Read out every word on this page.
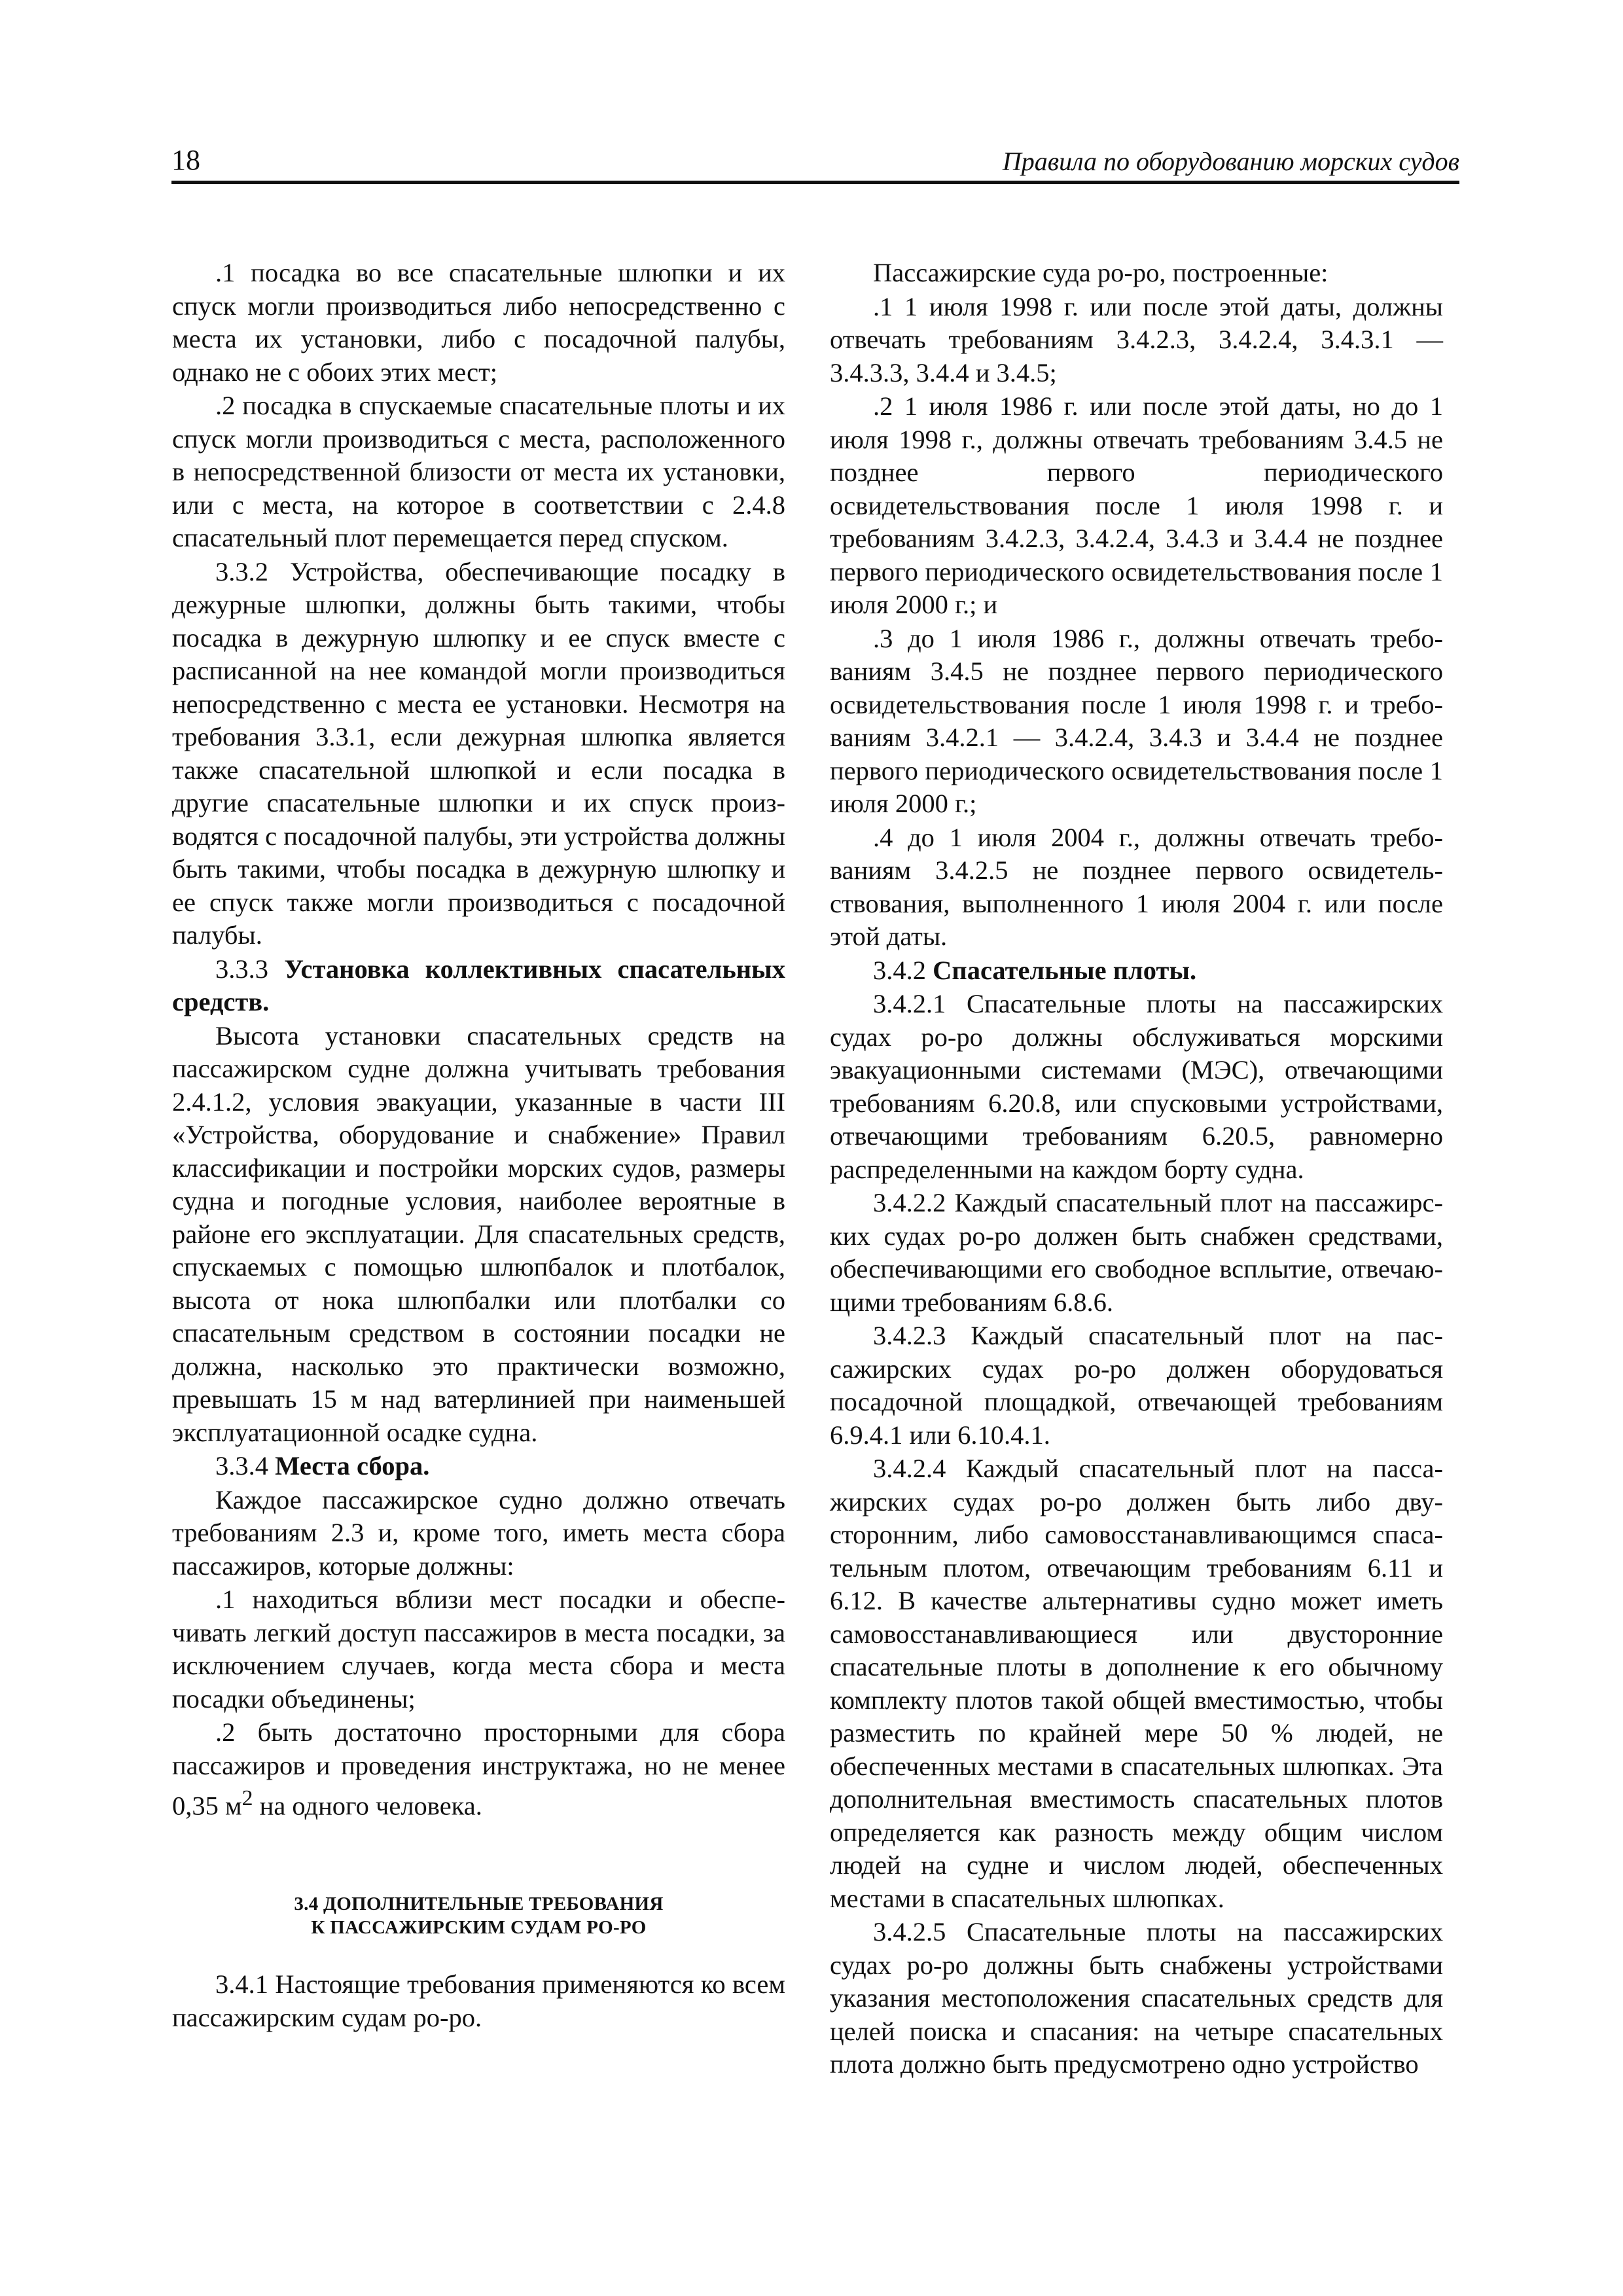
18	Правила по оборудованию морских судов

.1 посадка во все спасательные шлюпки и их спуск могли производиться либо непосредственно с места их установки, либо с посадочной палубы, однако не с обоих этих мест;

.2 посадка в спускаемые спасательные плоты и их спуск могли производиться с места, расположенного в непосредственной близости от места их установки, или с места, на которое в соответствии с 2.4.8 спасательный плот перемещается перед спуском.

3.3.2 Устройства, обеспечивающие посадку в дежурные шлюпки, должны быть такими, чтобы посадка в дежурную шлюпку и ее спуск вместе с расписанной на нее командой могли производиться непосредственно с места ее установки. Несмотря на требования 3.3.1, если дежурная шлюпка является также спасательной шлюпкой и если посадка в другие спасательные шлюпки и их спуск производятся с посадочной палубы, эти устройства должны быть такими, чтобы посадка в дежурную шлюпку и ее спуск также могли производиться с посадочной палубы.

3.3.3 Установка коллективных спасательных средств.

Высота установки спасательных средств на пассажирском судне должна учитывать требования 2.4.1.2, условия эвакуации, указанные в части III «Устройства, оборудование и снабжение» Правил классификации и постройки морских судов, размеры судна и погодные условия, наиболее вероятные в районе его эксплуатации. Для спасательных средств, спускаемых с помощью шлюпбалок и плотбалок, высота от нока шлюпбалки или плотбалки со спасательным средством в состоянии посадки не должна, насколько это практически возможно, превышать 15 м над ватерлинией при наименьшей эксплуатационной осадке судна.

3.3.4 Места сбора.

Каждое пассажирское судно должно отвечать требованиям 2.3 и, кроме того, иметь места сбора пассажиров, которые должны:

.1 находиться вблизи мест посадки и обеспечивать легкий доступ пассажиров в места посадки, за исключением случаев, когда места сбора и места посадки объединены;

.2 быть достаточно просторными для сбора пассажиров и проведения инструктажа, но не менее 0,35 $м^2$ на одного человека.

3.4 ДОПОЛНИТЕЛЬНЫЕ ТРЕБОВАНИЯ
К ПАССАЖИРСКИМ СУДАМ РО-РО

3.4.1 Настоящие требования применяются ко всем пассажирским судам ро-ро.

Пассажирские суда ро-ро, построенные:

.1 1 июля 1998 г. или после этой даты, должны отвечать требованиям 3.4.2.3, 3.4.2.4, 3.4.3.1 — 3.4.3.3, 3.4.4 и 3.4.5;

.2 1 июля 1986 г. или после этой даты, но до 1 июля 1998 г., должны отвечать требованиям 3.4.5 не позднее первого периодического освидетельствования после 1 июля 1998 г. и требованиям 3.4.2.3, 3.4.2.4, 3.4.3 и 3.4.4 не позднее первого периодического освидетельствования после 1 июля 2000 г.; и

.3 до 1 июля 1986 г., должны отвечать требованиям 3.4.5 не позднее первого периодического освидетельствования после 1 июля 1998 г. и требованиям 3.4.2.1 — 3.4.2.4, 3.4.3 и 3.4.4 не позднее первого периодического освидетельствования после 1 июля 2000 г.;

.4 до 1 июля 2004 г., должны отвечать требованиям 3.4.2.5 не позднее первого освидетельствования, выполненного 1 июля 2004 г. или после этой даты.

3.4.2 Спасательные плоты.

3.4.2.1 Спасательные плоты на пассажирских судах ро-ро должны обслуживаться морскими эвакуационными системами (МЭС), отвечающими требованиям 6.20.8, или спусковыми устройствами, отвечающими требованиям 6.20.5, равномерно распределенными на каждом борту судна.

3.4.2.2 Каждый спасательный плот на пассажирских судах ро-ро должен быть снабжен средствами, обеспечивающими его свободное всплытие, отвечающими требованиям 6.8.6.

3.4.2.3 Каждый спасательный плот на пассажирских судах ро-ро должен оборудоваться посадочной площадкой, отвечающей требованиям 6.9.4.1 или 6.10.4.1.

3.4.2.4 Каждый спасательный плот на пассажирских судах ро-ро должен быть либо двусторонним, либо самовосстанавливающимся спасательным плотом, отвечающим требованиям 6.11 и 6.12. В качестве альтернативы судно может иметь самовосстанавливающиеся или двусторонние спасательные плоты в дополнение к его обычному комплекту плотов такой общей вместимостью, чтобы разместить по крайней мере 50 % людей, не обеспеченных местами в спасательных шлюпках. Эта дополнительная вместимость спасательных плотов определяется как разность между общим числом людей на судне и числом людей, обеспеченных местами в спасательных шлюпках.

3.4.2.5 Спасательные плоты на пассажирских судах ро-ро должны быть снабжены устройствами указания местоположения спасательных средств для целей поиска и спасания: на четыре спасательных плота должно быть предусмотрено одно устройство
